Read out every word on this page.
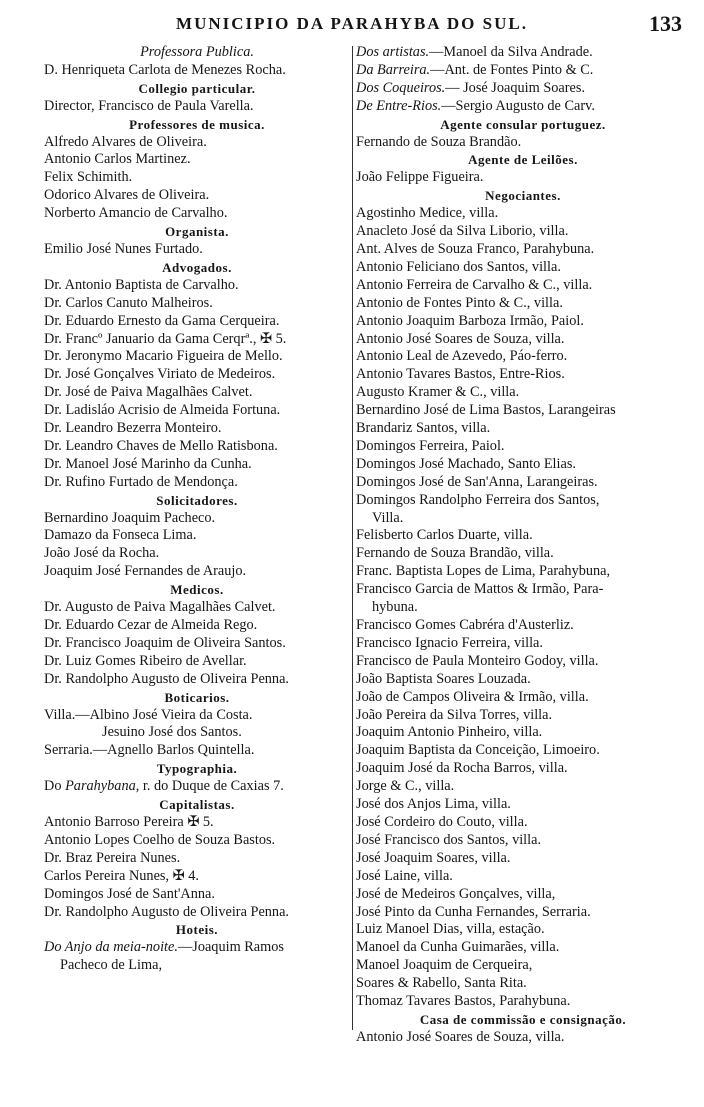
MUNICIPIO DA PARAHYBA DO SUL.	133
Professora Publica.
D. Henriqueta Carlota de Menezes Rocha.
Collegio particular.
Director, Francisco de Paula Varella.
Professores de musica.
Alfredo Alvares de Oliveira.
Antonio Carlos Martinez.
Felix Schimith.
Odorico Alvares de Oliveira.
Norberto Amancio de Carvalho.
Organista.
Emilio José Nunes Furtado.
Advogados.
Dr. Antonio Baptista de Carvalho.
Dr. Carlos Canuto Malheiros.
Dr. Eduardo Ernesto da Gama Cerqueira.
Dr. Francº Januario da Gama Cerqrª., ✠ 5.
Dr. Jeronymo Macario Figueira de Mello.
Dr. José Gonçalves Viriato de Medeiros.
Dr. José de Paiva Magalhães Calvet.
Dr. Ladisláo Acrisio de Almeida Fortuna.
Dr. Leandro Bezerra Monteiro.
Dr. Leandro Chaves de Mello Ratisbona.
Dr. Manoel José Marinho da Cunha.
Dr. Rufino Furtado de Mendonça.
Solicitadores.
Bernardino Joaquim Pacheco.
Damazo da Fonseca Lima.
João José da Rocha.
Joaquim José Fernandes de Araujo.
Medicos.
Dr. Augusto de Paiva Magalhães Calvet.
Dr. Eduardo Cezar de Almeida Rego.
Dr. Francisco Joaquim de Oliveira Santos.
Dr. Luiz Gomes Ribeiro de Avellar.
Dr. Randolpho Augusto de Oliveira Penna.
Boticarios.
Villa.—Albino José Vieira da Costa.
Jesuino José dos Santos.
Serraria.—Agnello Barlos Quintella.
Typographia.
Do Parahybana, r. do Duque de Caxias 7.
Capitalistas.
Antonio Barroso Pereira ✠ 5.
Antonio Lopes Coelho de Souza Bastos.
Dr. Braz Pereira Nunes.
Carlos Pereira Nunes, ✠ 4.
Domingos José de Sant'Anna.
Dr. Randolpho Augusto de Oliveira Penna.
Hoteis.
Do Anjo da meia-noite.—Joaquim Ramos
Pacheco de Lima,
Dos artistas.—Manoel da Silva Andrade.
Da Barreira.—Ant. de Fontes Pinto & C.
Dos Coqueiros.— José Joaquim Soares.
De Entre-Rios.—Sergio Augusto de Carv.
Agente consular portuguez.
Fernando de Souza Brandão.
Agente de Leilões.
João Felippe Figueira.
Negociantes.
Agostinho Medice, villa.
Anacleto José da Silva Liborio, villa.
Ant. Alves de Souza Franco, Parahybuna.
Antonio Feliciano dos Santos, villa.
Antonio Ferreira de Carvalho & C., villa.
Antonio de Fontes Pinto & C., villa.
Antonio Joaquim Barboza Irmão, Paiol.
Antonio José Soares de Souza, villa.
Antonio Leal de Azevedo, Páo-ferro.
Antonio Tavares Bastos, Entre-Rios.
Augusto Kramer & C., villa.
Bernardino José de Lima Bastos, Larangeiras
Brandariz Santos, villa.
Domingos Ferreira, Paiol.
Domingos José Machado, Santo Elias.
Domingos José de San'Anna, Larangeiras.
Domingos Randolpho Ferreira dos Santos,
Villa.
Felisberto Carlos Duarte, villa.
Fernando de Souza Brandão, villa.
Franc. Baptista Lopes de Lima, Parahybuna,
Francisco Garcia de Mattos & Irmão, Para-
hybuna.
Francisco Gomes Cabréra d'Austerliz.
Francisco Ignacio Ferreira, villa.
Francisco de Paula Monteiro Godoy, villa.
João Baptista Soares Louzada.
João de Campos Oliveira & Irmão, villa.
João Pereira da Silva Torres, villa.
Joaquim Antonio Pinheiro, villa.
Joaquim Baptista da Conceição, Limoeiro.
Joaquim José da Rocha Barros, villa.
Jorge & C., villa.
José dos Anjos Lima, villa.
José Cordeiro do Couto, villa.
José Francisco dos Santos, villa.
José Joaquim Soares, villa.
José Laine, villa.
José de Medeiros Gonçalves, villa,
José Pinto da Cunha Fernandes, Serraria.
Luiz Manoel Dias, villa, estação.
Manoel da Cunha Guimarães, villa.
Manoel Joaquim de Cerqueira,
Soares & Rabello, Santa Rita.
Thomaz Tavares Bastos, Parahybuna.
Casa de commissão e consignação.
Antonio José Soares de Souza, villa.
